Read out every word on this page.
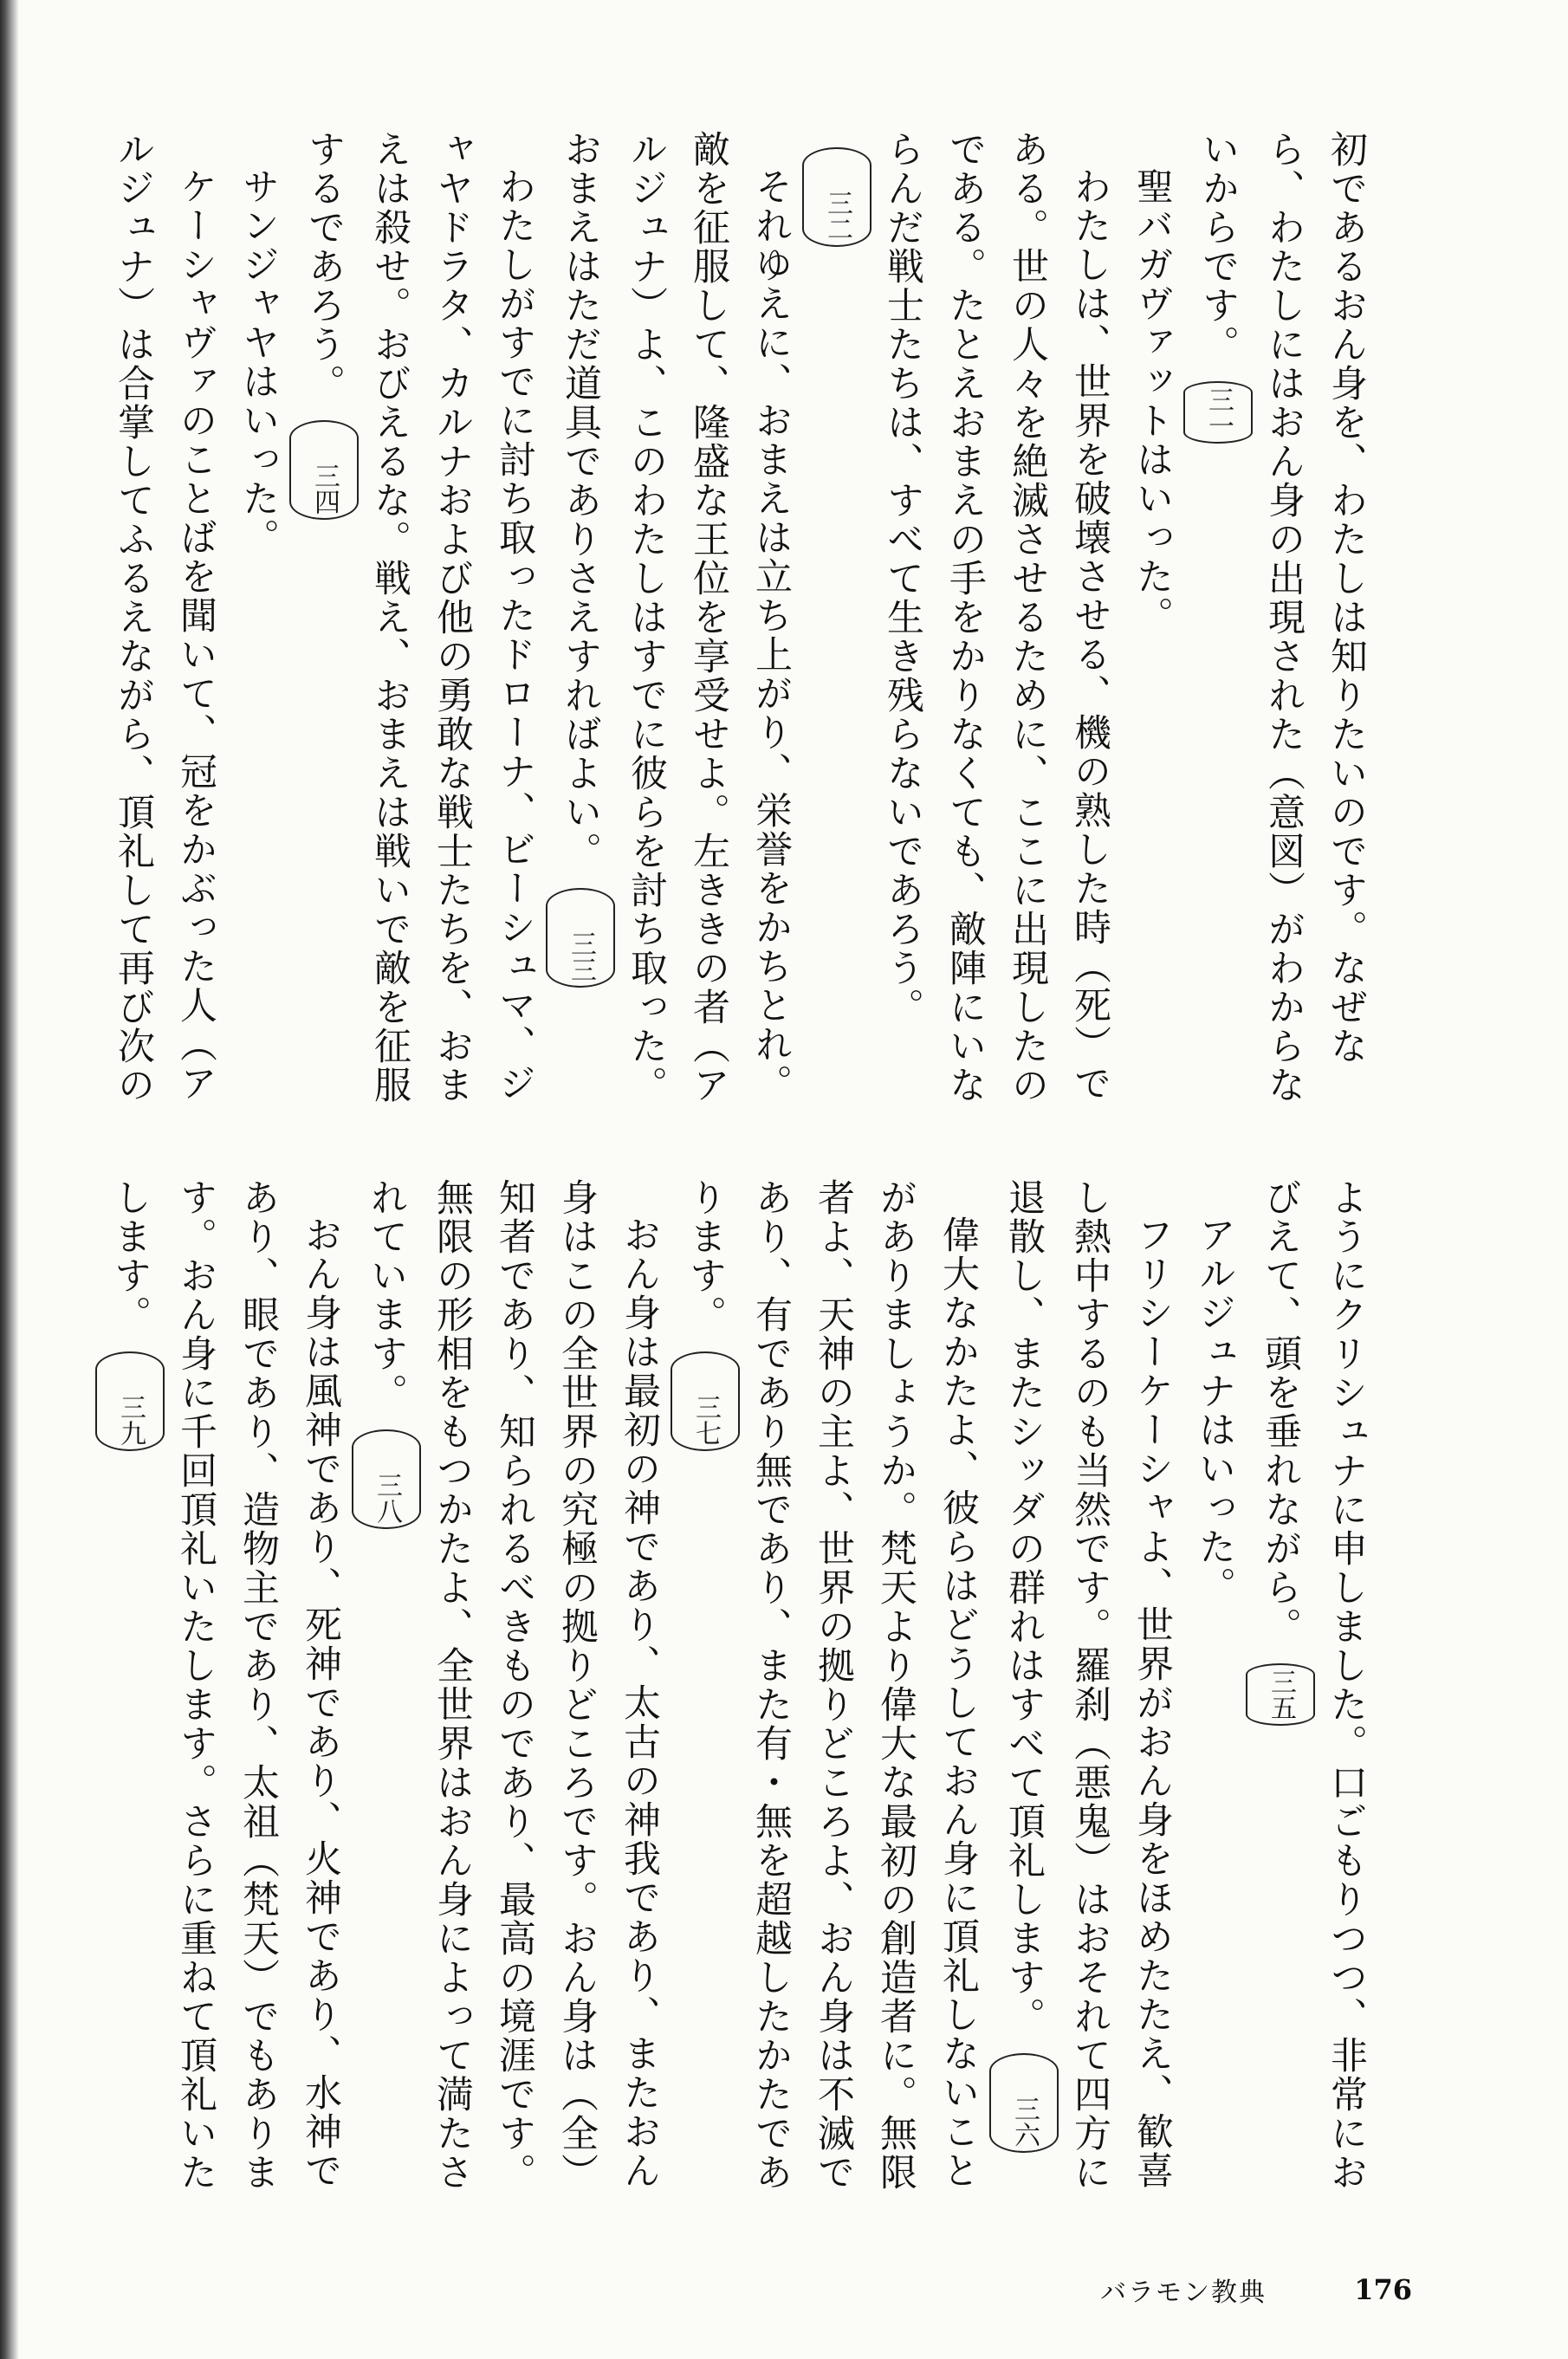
初であるおん身を、わたしは知りたいのです。なぜなら、わたしにはおん身の出現された（意図）がわからないからです。三一

聖バガヴァットはいった。

わたしは、世界を破壊させる、機の熟した時（死）である。世の人々を絶滅させるために、ここに出現したのである。たとえおまえの手をかりなくても、敵陣にいならんだ戦士たちは、すべて生き残らないであろう。三二

それゆえに、おまえは立ち上がり、栄誉をかちとれ。敵を征服して、隆盛な王位を享受せよ。左ききの者（アルジュナ）よ、このわたしはすでに彼らを討ち取った。おまえはただ道具でありさえすればよい。三三

わたしがすでに討ち取ったドローナ、ビーシュマ、ジャヤドラタ、カルナおよび他の勇敢な戦士たちを、おまえは殺せ。おびえるな。戦え、おまえは戦いで敵を征服するであろう。三四

サンジャヤはいった。

ケーシャヴァのことばを聞いて、冠をかぶった人（アルジュナ）は合掌してふるえながら、頂礼して再び次の

ようにクリシュナに申しました。口ごもりつつ、非常におびえて、頭を垂れながら。三五

アルジュナはいった。

フリシーケーシャよ、世界がおん身をほめたたえ、歓喜し熱中するのも当然です。羅刹（悪鬼）はおそれて四方に退散し、またシッダの群れはすべて頂礼します。三六

偉大なかたよ、彼らはどうしておん身に頂礼しないことがありましょうか。梵天より偉大な最初の創造者に。無限者よ、天神の主よ、世界の拠りどころよ、おん身は不滅であり、有であり無であり、また有・無を超越したかたであります。三七

おん身は最初の神であり、太古の神我であり、またおん身はこの全世界の究極の拠りどころです。おん身は（全）知者であり、知られるべきものであり、最高の境涯です。無限の形相をもつかたよ、全世界はおん身によって満たされています。三八

おん身は風神であり、死神であり、火神であり、水神であり、眼であり、造物主であり、太祖（梵天）でもあります。おん身に千回頂礼いたします。さらに重ねて頂礼いたします。三九

バラモン教典	176
